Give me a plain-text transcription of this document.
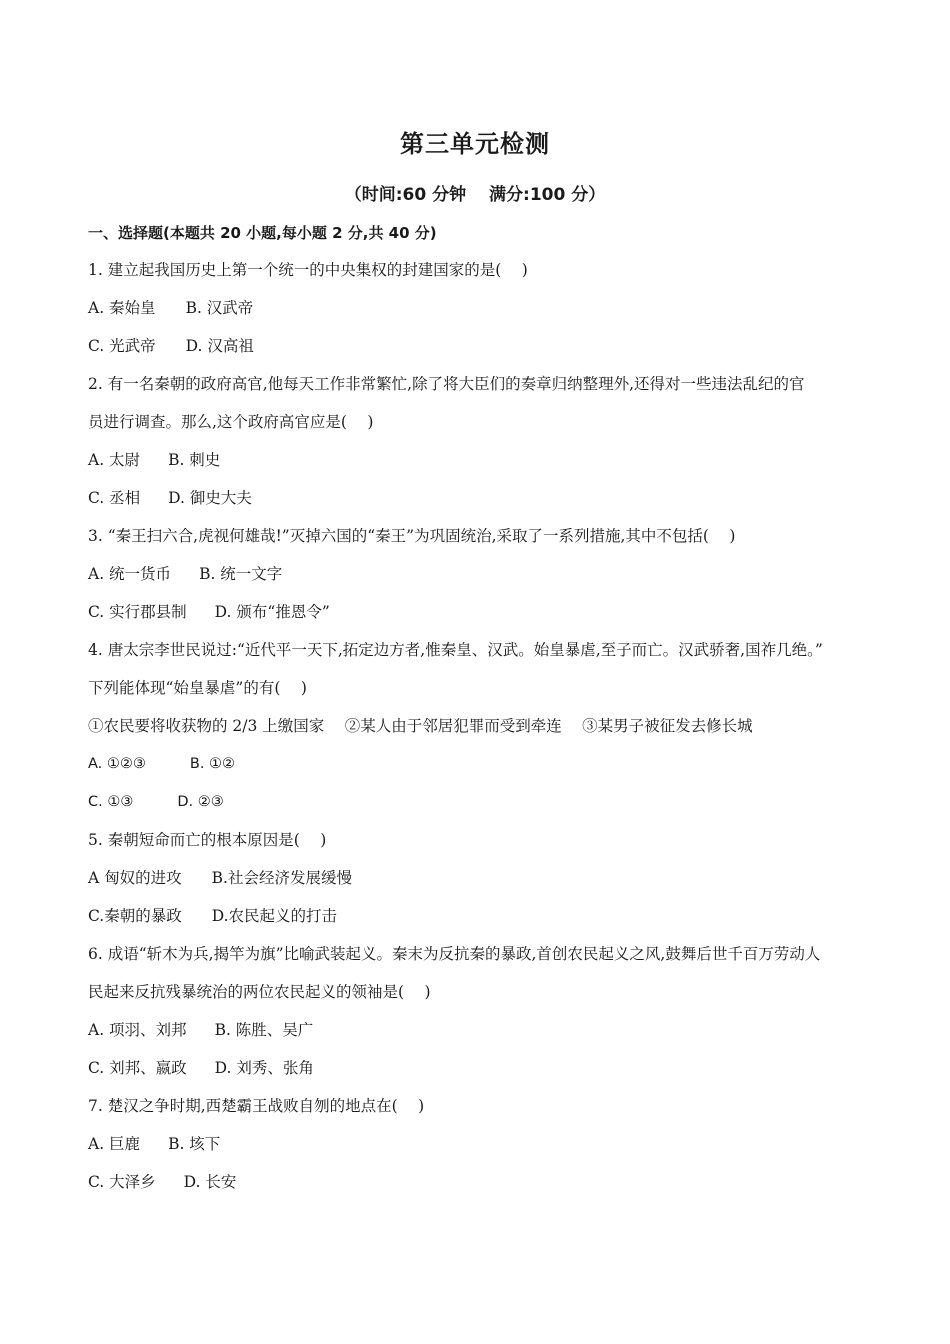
第三单元检测
（时间:60 分钟　 满分:100 分）
一、选择题(本题共 20 小题,每小题 2 分,共 40 分)
1. 建立起我国历史上第一个统一的中央集权的封建国家的是(　 )
A. 秦始皇 B. 汉武帝
C. 光武帝 D. 汉高祖
2. 有一名秦朝的政府高官,他每天工作非常繁忙,除了将大臣们的奏章归纳整理外,还得对一些违法乱纪的官
员进行调查。那么,这个政府高官应是(　 )
A. 太尉 B. 刺史
C. 丞相 D. 御史大夫
3. “秦王扫六合,虎视何雄哉!”灭掉六国的“秦王”为巩固统治,采取了一系列措施,其中不包括(　 )
A. 统一货币 B. 统一文字
C. 实行郡县制 D. 颁布“推恩令”
4. 唐太宗李世民说过:“近代平一天下,拓定边方者,惟秦皇、汉武。始皇暴虐,至子而亡。汉武骄奢,国祚几绝。”
下列能体现“始皇暴虐”的有(　 )
①农民要将收获物的 2/3 上缴国家　 ②某人由于邻居犯罪而受到牵连　 ③某男子被征发去修长城
A. ①②③	B. ①②
C. ①③	D. ②③
5. 秦朝短命而亡的根本原因是(　 )
A 匈奴的进攻 B.社会经济发展缓慢
C.秦朝的暴政 D.农民起义的打击
6. 成语“斩木为兵,揭竿为旗”比喻武装起义。秦末为反抗秦的暴政,首创农民起义之风,鼓舞后世千百万劳动人
民起来反抗残暴统治的两位农民起义的领袖是(　 )
A. 项羽、刘邦 B. 陈胜、吴广
C. 刘邦、嬴政 D. 刘秀、张角
7. 楚汉之争时期,西楚霸王战败自刎的地点在(　 )
A. 巨鹿 B. 垓下
C. 大泽乡 D. 长安
